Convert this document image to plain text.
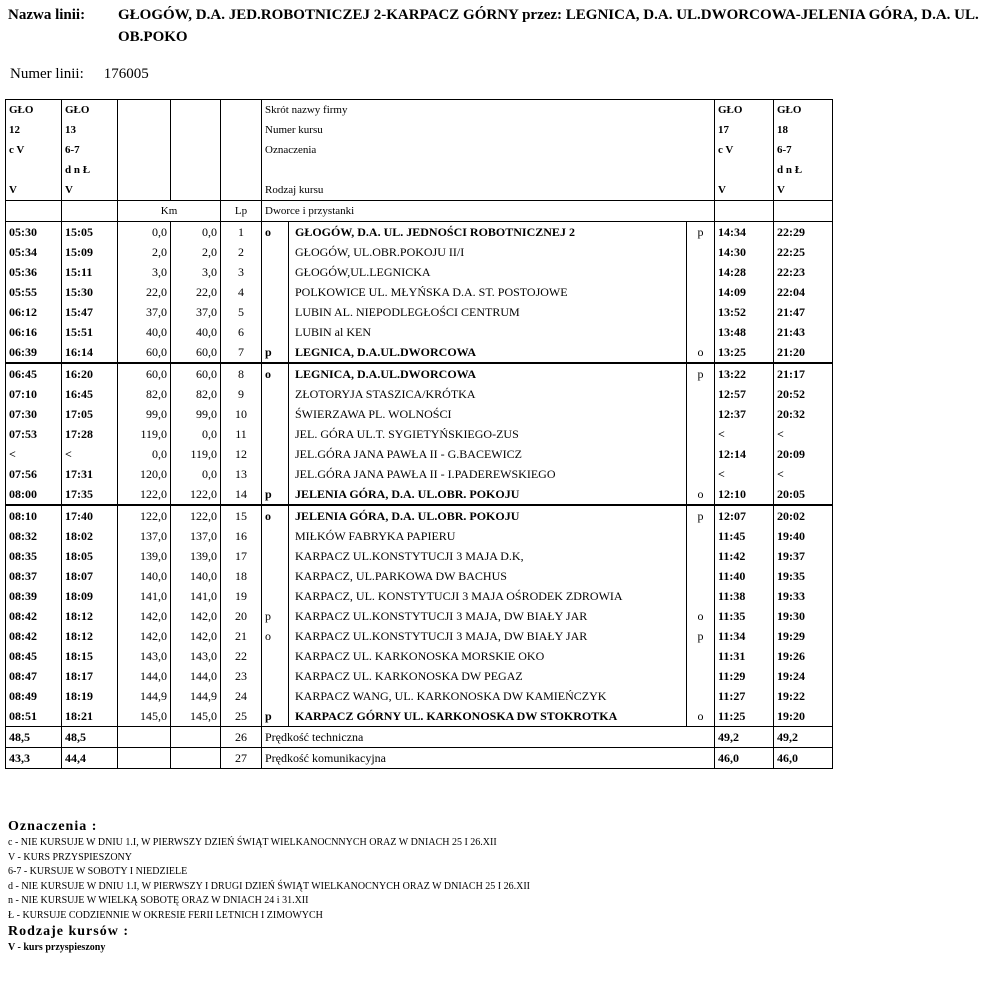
Nazwa linii: GŁOGÓW, D.A. JED.ROBOTNICZEJ 2-KARPACZ GÓRNY przez: LEGNICA, D.A. UL.DWORCOWA-JELENIA GÓRA, D.A. UL. OB.POKO
Numer linii: 176005
GŁO	GŁO				Skrót nazwy firmy			GŁO	GŁO
12	13				Numer kursu			17	18
c V	6-7				Oznaczenia			c V	6-7
	d n Ł								d n Ł
V	V				Rodzaj kursu			V	V
		Km		Lp	Dworce i przystanki				
05:30	15:05	0,0	0,0	1	o	GŁOGÓW, D.A. UL. JEDNOŚCI ROBOTNICZNEJ 2	p	14:34	22:29
05:34	15:09	2,0	2,0	2		GŁOGÓW, UL.OBR.POKOJU II/I		14:30	22:25
05:36	15:11	3,0	3,0	3		GŁOGÓW,UL.LEGNICKA		14:28	22:23
05:55	15:30	22,0	22,0	4		POLKOWICE UL. MŁYŃSKA D.A. ST. POSTOJOWE		14:09	22:04
06:12	15:47	37,0	37,0	5		LUBIN AL. NIEPODLEGŁOŚCI CENTRUM		13:52	21:47
06:16	15:51	40,0	40,0	6		LUBIN al KEN		13:48	21:43
06:39	16:14	60,0	60,0	7	p	LEGNICA, D.A.UL.DWORCOWA	o	13:25	21:20
06:45	16:20	60,0	60,0	8	o	LEGNICA, D.A.UL.DWORCOWA	p	13:22	21:17
07:10	16:45	82,0	82,0	9		ZŁOTORYJA STASZICA/KRÓTKA		12:57	20:52
07:30	17:05	99,0	99,0	10		ŚWIERZAWA PL. WOLNOŚCI		12:37	20:32
07:53	17:28	119,0	0,0	11		JEL. GÓRA UL.T. SYGIETYŃSKIEGO-ZUS		<	<
<	<	0,0	119,0	12		JEL.GÓRA JANA PAWŁA II - G.BACEWICZ		12:14	20:09
07:56	17:31	120,0	0,0	13		JEL.GÓRA JANA PAWŁA II - I.PADEREWSKIEGO		<	<
08:00	17:35	122,0	122,0	14	p	JELENIA GÓRA, D.A. UL.OBR. POKOJU	o	12:10	20:05
08:10	17:40	122,0	122,0	15	o	JELENIA GÓRA, D.A. UL.OBR. POKOJU	p	12:07	20:02
08:32	18:02	137,0	137,0	16		MIŁKÓW FABRYKA PAPIERU		11:45	19:40
08:35	18:05	139,0	139,0	17		KARPACZ UL.KONSTYTUCJI 3 MAJA D.K,		11:42	19:37
08:37	18:07	140,0	140,0	18		KARPACZ, UL.PARKOWA DW BACHUS		11:40	19:35
08:39	18:09	141,0	141,0	19		KARPACZ, UL. KONSTYTUCJI 3 MAJA OŚRODEK ZDROWIA		11:38	19:33
08:42	18:12	142,0	142,0	20	p	KARPACZ UL.KONSTYTUCJI 3 MAJA, DW BIAŁY JAR	o	11:35	19:30
08:42	18:12	142,0	142,0	21	o	KARPACZ UL.KONSTYTUCJI 3 MAJA, DW BIAŁY JAR	p	11:34	19:29
08:45	18:15	143,0	143,0	22		KARPACZ UL. KARKONOSKA MORSKIE OKO		11:31	19:26
08:47	18:17	144,0	144,0	23		KARPACZ UL. KARKONOSKA DW PEGAZ		11:29	19:24
08:49	18:19	144,9	144,9	24		KARPACZ WANG, UL. KARKONOSKA DW KAMIEŃCZYK		11:27	19:22
08:51	18:21	145,0	145,0	25	p	KARPACZ GÓRNY UL. KARKONOSKA DW STOKROTKA	o	11:25	19:20
48,5	48,5			26	Prędkość techniczna			49,2	49,2
43,3	44,4			27	Prędkość komunikacyjna			46,0	46,0
Oznaczenia :
c - NIE KURSUJE W DNIU 1.I, W PIERWSZY DZIEŃ ŚWIĄT WIELKANOCNNYCH ORAZ W DNIACH 25 I 26.XII
V - KURS PRZYSPIESZONY
6-7 - KURSUJE W SOBOTY I NIEDZIELE
d - NIE KURSUJE W DNIU 1.I, W PIERWSZY I DRUGI DZIEŃ ŚWIĄT WIELKANOCNYCH ORAZ W DNIACH 25 I 26.XII
n - NIE KURSUJE W WIELKĄ SOBOTĘ ORAZ W DNIACH 24 i 31.XII
Ł - KURSUJE CODZIENNIE W OKRESIE FERII LETNICH I ZIMOWYCH
Rodzaje kursów :
V - kurs przyspieszony
